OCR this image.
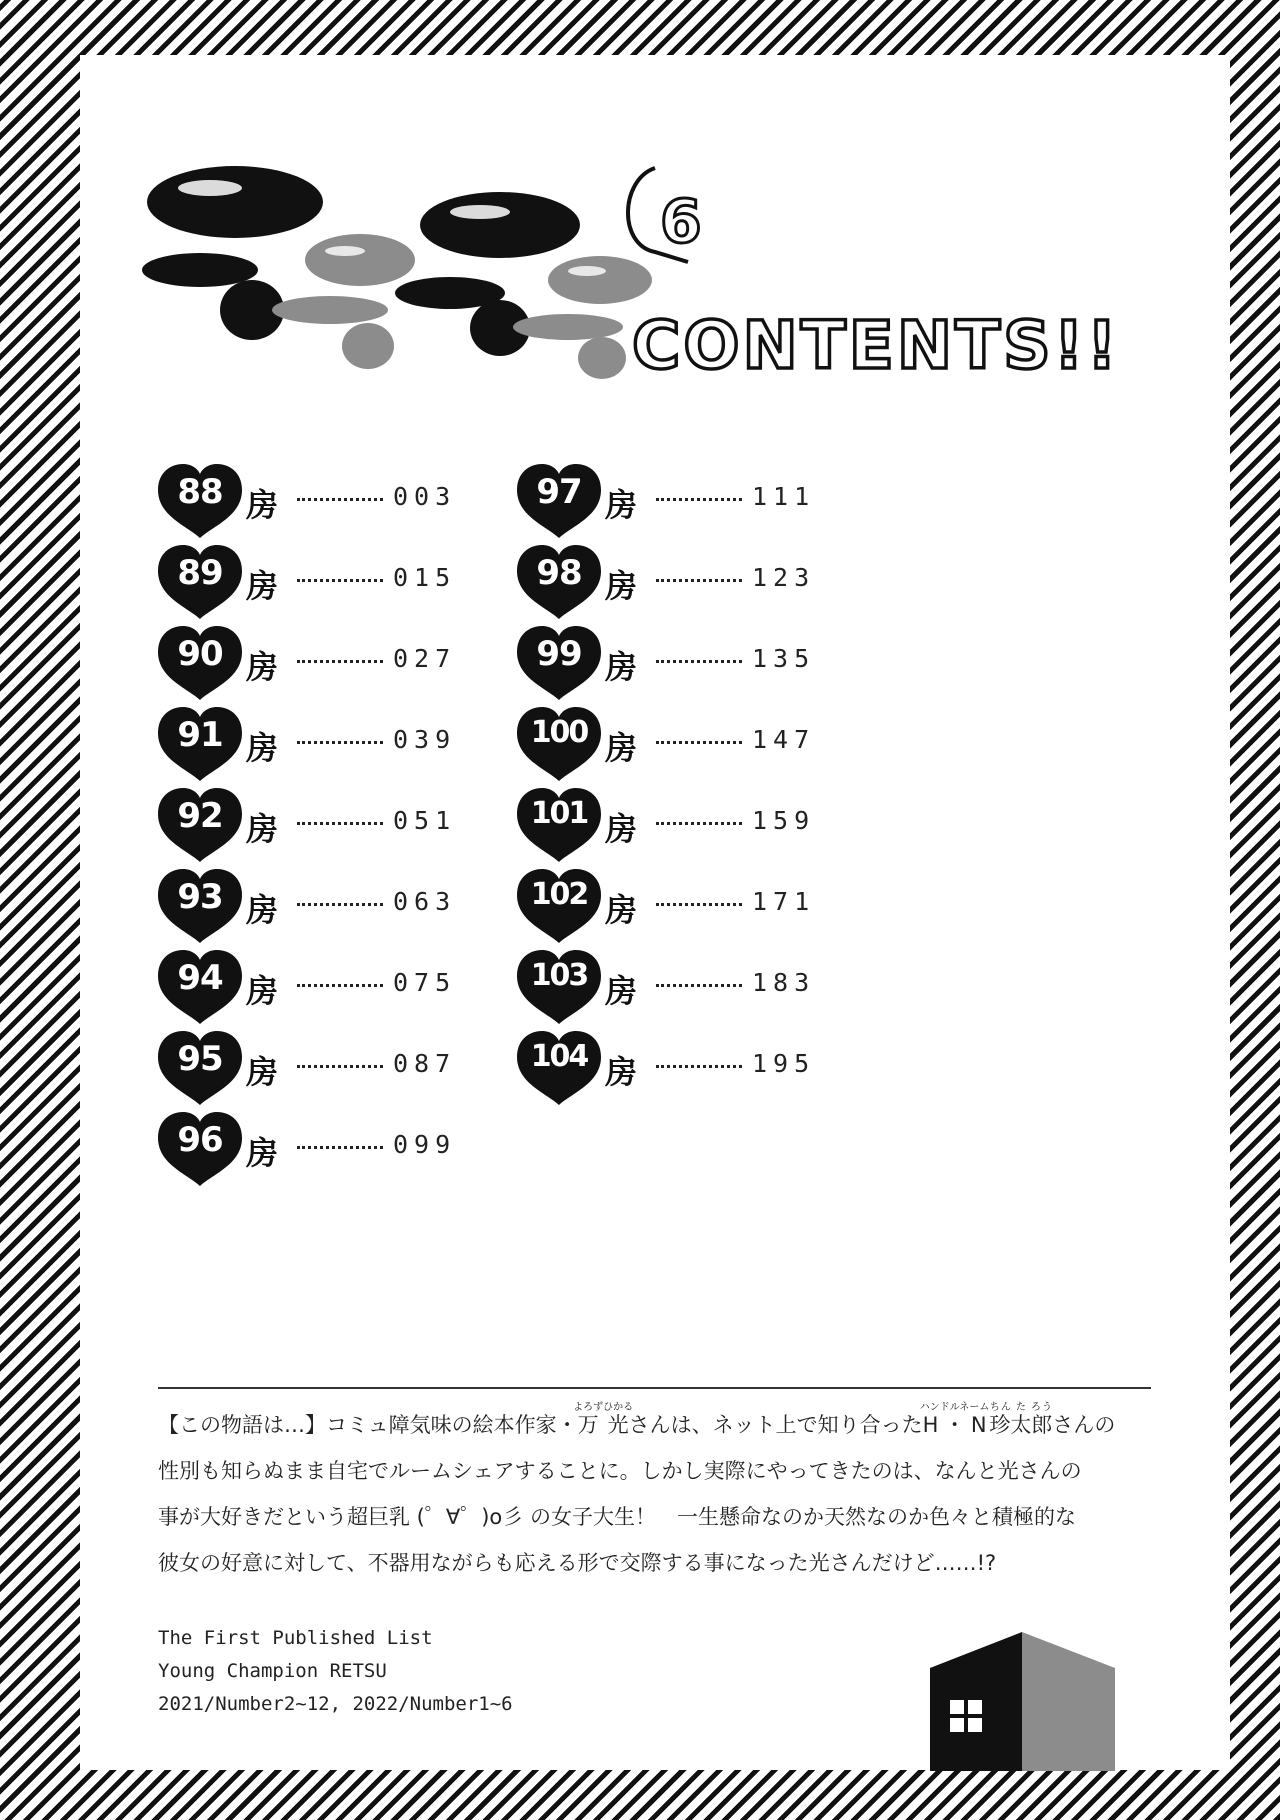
6
CONTENTS!!
88 房	003
89 房	015
90 房	027
91 房	039
92 房	051
93 房	063
94 房	075
95 房	087
96 房	099
97 房	111
98 房	123
99 房	135
100 房	147
101 房	159
102 房	171
103 房	183
104 房	195
【この物語は…】コミュ障気味の絵本作家・万光よろずひかるさんは、ネット上で知り合ったH・Nハンドルネーム珍太郎ちん た ろうさんの
性別も知らぬまま自宅でルームシェアすることに。しかし実際にやってきたのは、なんと光さんの
事が大好きだという超巨乳 (゜∀゜)o彡 の女子大生！　一生懸命なのか天然なのか色々と積極的な
彼女の好意に対して、不器用ながらも応える形で交際する事になった光さんだけど……!?
The First Published List
Young Champion RETSU
2021/Number2~12, 2022/Number1~6
